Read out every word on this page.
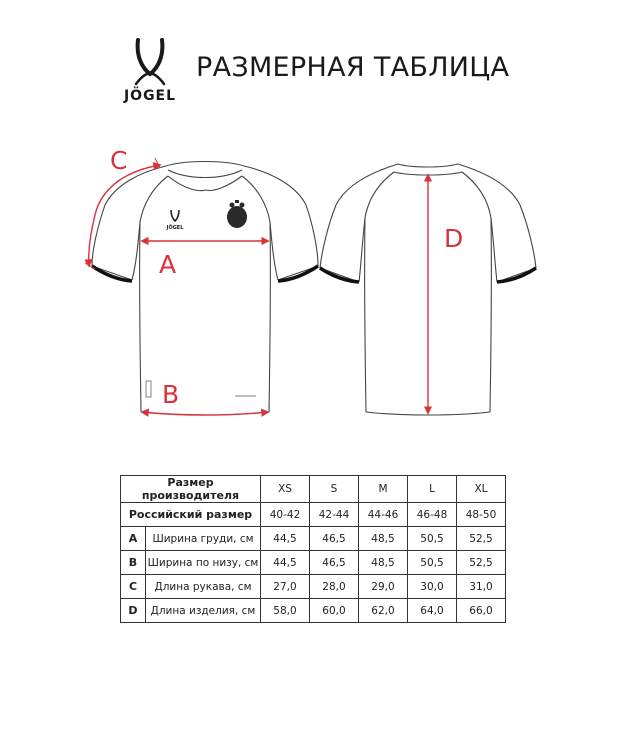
JÖGEL
РАЗМЕРНАЯ ТАБЛИЦА
JÖGEL
C
A
B
D
Размер производителя		XS	S	M	L	XL
Российский размер		40-42	42-44	44-46	46-48	48-50
A	Ширина груди, см	44,5	46,5	48,5	50,5	52,5
B	Ширина по низу, см	44,5	46,5	48,5	50,5	52,5
C	Длина рукава, см	27,0	28,0	29,0	30,0	31,0
D	Длина изделия, см	58,0	60,0	62,0	64,0	66,0
